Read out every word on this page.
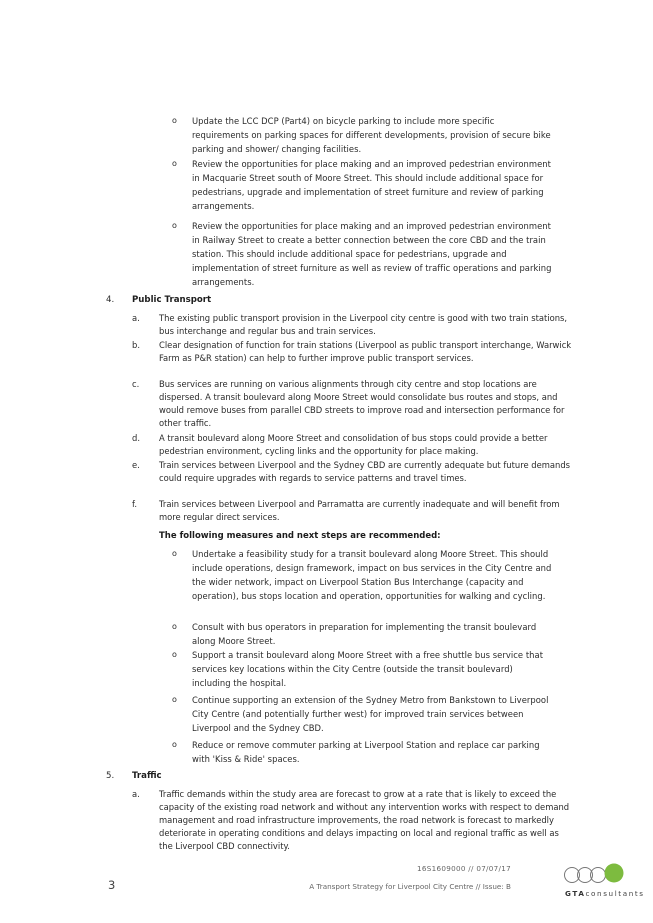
o	Update the LCC DCP (Part4) on bicycle parking to include more specific requirements on parking spaces for different developments, provision of secure bike parking and shower/ changing facilities.
o	Review the opportunities for place making and an improved pedestrian environment in Macquarie Street south of Moore Street. This should include additional space for pedestrians, upgrade and implementation of street furniture and review of parking arrangements.
o	Review the opportunities for place making and an improved pedestrian environment in Railway Street to create a better connection between the core CBD and the train station. This should include additional space for pedestrians, upgrade and implementation of street furniture as well as review of traffic operations and parking arrangements.
4. Public Transport
a.	The existing public transport provision in the Liverpool city centre is good with two train stations, bus interchange and regular bus and train services.
b.	Clear designation of function for train stations (Liverpool as public transport interchange, Warwick Farm as P&R station) can help to further improve public transport services.
c.	Bus services are running on various alignments through city centre and stop locations are dispersed. A transit boulevard along Moore Street would consolidate bus routes and stops, and would remove buses from parallel CBD streets to improve road and intersection performance for other traffic.
d.	A transit boulevard along Moore Street and consolidation of bus stops could provide a better pedestrian environment, cycling links and the opportunity for place making.
e.	Train services between Liverpool and the Sydney CBD are currently adequate but future demands could require upgrades with regards to service patterns and travel times.
f.	Train services between Liverpool and Parramatta are currently inadequate and will benefit from more regular direct services.
The following measures and next steps are recommended:
o	Undertake a feasibility study for a transit boulevard along Moore Street. This should include operations, design framework, impact on bus services in the City Centre and the wider network, impact on Liverpool Station Bus Interchange (capacity and operation), bus stops location and operation, opportunities for walking and cycling.
o	Consult with bus operators in preparation for implementing the transit boulevard along Moore Street.
o	Support a transit boulevard along Moore Street with a free shuttle bus service that services key locations within the City Centre (outside the transit boulevard) including the hospital.
o	Continue supporting an extension of the Sydney Metro from Bankstown to Liverpool City Centre (and potentially further west) for improved train services between Liverpool and the Sydney CBD.
o	Reduce or remove commuter parking at Liverpool Station and replace car parking with 'Kiss & Ride' spaces.
5. Traffic
a.	Traffic demands within the study area are forecast to grow at a rate that is likely to exceed the capacity of the existing road network and without any intervention works with respect to demand management and road infrastructure improvements, the road network is forecast to markedly deteriorate in operating conditions and delays impacting on local and regional traffic as well as the Liverpool CBD connectivity.
3
16S1609000 // 07/07/17
A Transport Strategy for Liverpool City Centre // Issue: B
GTAconsultants
